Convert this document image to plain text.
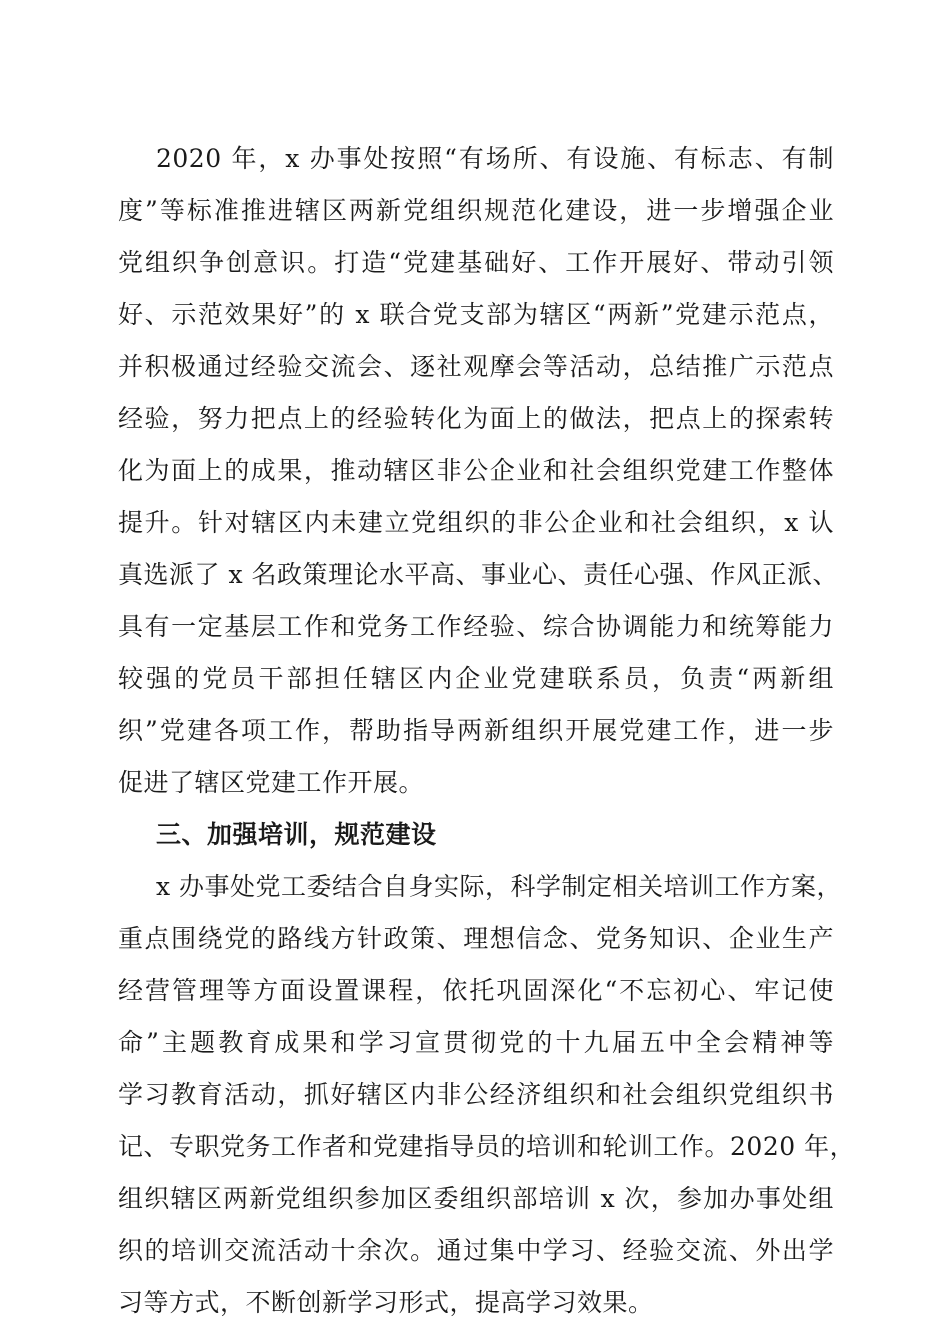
2020 年，x 办事处按照“有场所、有设施、有标志、有制
度”等标准推进辖区两新党组织规范化建设，进一步增强企业
党组织争创意识。打造“党建基础好、工作开展好、带动引领
好、示范效果好”的 x 联合党支部为辖区“两新”党建示范点，
并积极通过经验交流会、逐社观摩会等活动，总结推广示范点
经验，努力把点上的经验转化为面上的做法，把点上的探索转
化为面上的成果，推动辖区非公企业和社会组织党建工作整体
提升。针对辖区内未建立党组织的非公企业和社会组织，x 认
真选派了 x 名政策理论水平高、事业心、责任心强、作风正派、
具有一定基层工作和党务工作经验、综合协调能力和统筹能力
较强的党员干部担任辖区内企业党建联系员，负责“两新组
织”党建各项工作，帮助指导两新组织开展党建工作，进一步
促进了辖区党建工作开展。
三、加强培训，规范建设
x 办事处党工委结合自身实际，科学制定相关培训工作方案，
重点围绕党的路线方针政策、理想信念、党务知识、企业生产
经营管理等方面设置课程，依托巩固深化“不忘初心、牢记使
命”主题教育成果和学习宣贯彻党的十九届五中全会精神等
学习教育活动，抓好辖区内非公经济组织和社会组织党组织书
记、专职党务工作者和党建指导员的培训和轮训工作。2020 年，
组织辖区两新党组织参加区委组织部培训 x 次，参加办事处组
织的培训交流活动十余次。通过集中学习、经验交流、外出学
习等方式，不断创新学习形式，提高学习效果。
